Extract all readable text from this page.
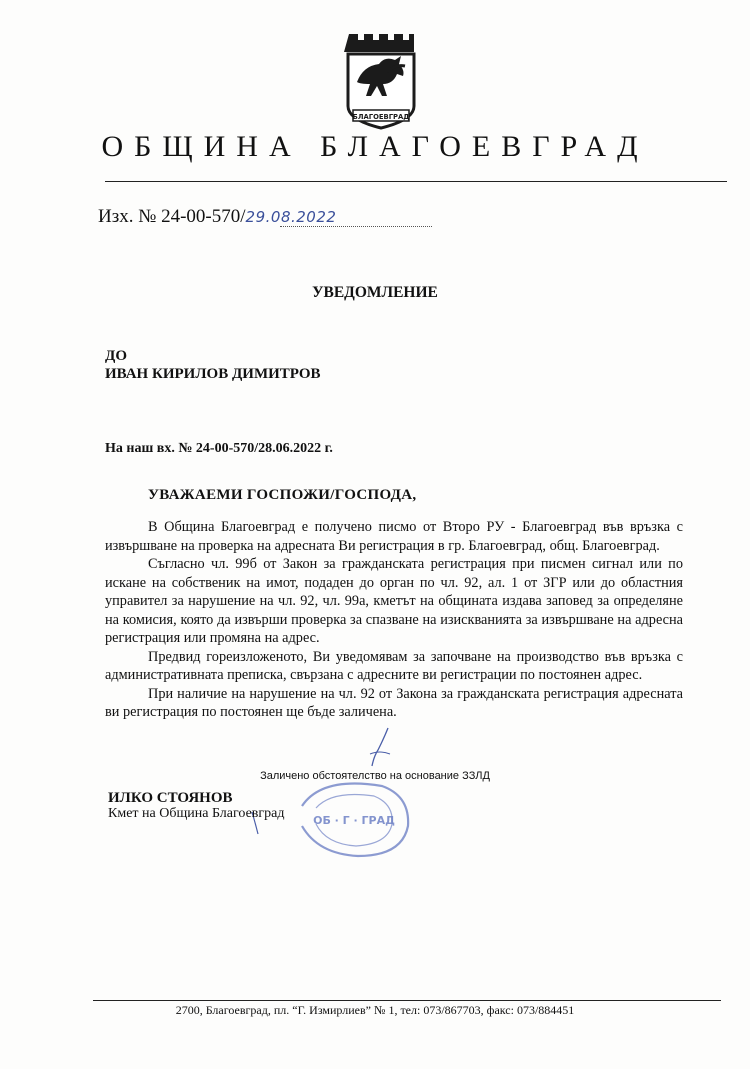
БЛАГОЕВГРАД
ОБЩИНА БЛАГОЕВГРАД
Изх. № 24-00-570/29.08.2022
УВЕДОМЛЕНИЕ
ДО
ИВАН КИРИЛОВ ДИМИТРОВ
На наш вх. № 24-00-570/28.06.2022 г.
УВАЖАЕМИ ГОСПОЖИ/ГОСПОДА,

В Община Благоевград е получено писмо от Второ РУ - Благоевград във връзка с извършване на проверка на адресната Ви регистрация в гр. Благоевград, общ. Благоевград.

Съгласно чл. 99б от Закон за гражданската регистрация при писмен сигнал или по искане на собственик на имот, подаден до орган по чл. 92, ал. 1 от ЗГР или до областния управител за нарушение на чл. 92, чл. 99а, кметът на общината издава заповед за определяне на комисия, която да извърши проверка за спазване на изискванията за извършване на адресна регистрация или промяна на адрес.

Предвид гореизложеното, Ви уведомявам за започване на производство във връзка с административната преписка, свързана с адресните ви регистрации по постоянен адрес.

При наличие на нарушение на чл. 92 от Закона за гражданската регистрация адресната ви регистрация по постоянен ще бъде заличена.

Заличено обстоятелство на основание ЗЗЛД
ОБ · Г · ГРАД
ИЛКО СТОЯНОВ
Кмет на Община Благоевград
2700, Благоевград, пл. “Г. Измирлиев” № 1, тел: 073/867703, факс: 073/884451
